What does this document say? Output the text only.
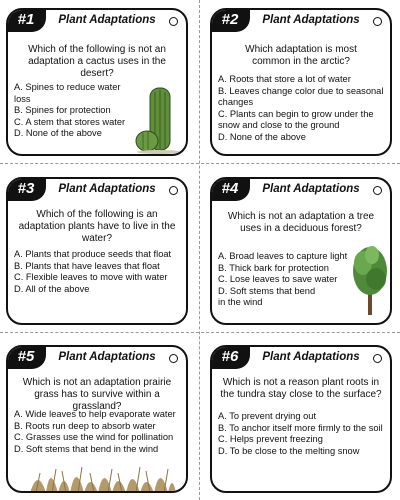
#1	Plant Adaptations
Which of the following is not an adaptation a cactus uses in the desert?
A. Spines to reduce water loss
B. Spines for protection
C. A stem that stores water
D. None of the above
#2	Plant Adaptations
Which adaptation is most common in the arctic?
A. Roots that store a lot of water
B. Leaves change color due to seasonal changes
C. Plants can begin to grow under the snow and close to the ground
D. None of the above
#3	Plant Adaptations
Which of the following is an adaptation plants have to live in the water?
A. Plants that produce seeds that float
B. Plants that have leaves that float
C. Flexible leaves to move with water
D. All of the above
#4	Plant Adaptations
Which is not an adaptation a tree uses in a deciduous forest?
A. Broad leaves to capture light
B. Thick bark for protection
C. Lose leaves to save water
D. Soft stems that bend in the wind
#5	Plant Adaptations
Which is not an adaptation prairie grass has to survive within a grassland?
A. Wide leaves to help evaporate water
B. Roots run deep to absorb water
C. Grasses use the wind for pollination
D. Soft stems that bend in the wind
#6	Plant Adaptations
Which is not a reason plant roots in the tundra stay close to the surface?
A. To prevent drying out
B. To anchor itself more firmly to the soil
C. Helps prevent freezing
D. To be close to the melting snow
